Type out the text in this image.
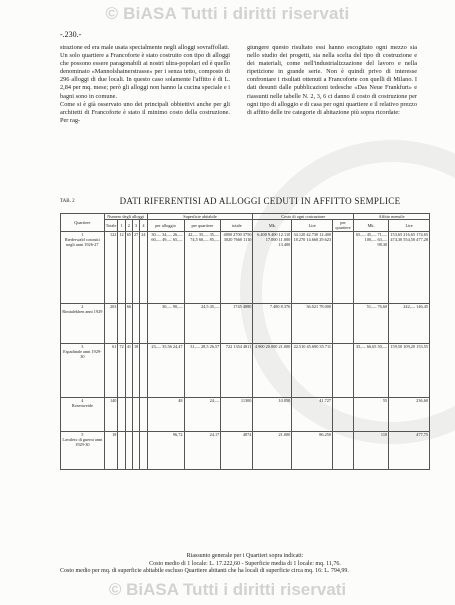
© BiASA Tutti i diritti riservati
-.230.-

strazione ed era male usata specialmente negli alloggi sovraffollati.

Un solo quartiere a Francoforte è stato costruito con tipo di alloggi che possono essere paragonabili ai nostri ultra-popolari ed è quello denominato «Mannolshainerstrasse» per i senza tetto, composto di 296 alloggi di due locali. In questo caso solamente l'affitto è di L. 2,84 per mq. mese; però gli alloggi non hanno la cucina speciale e i bagni sono in comune.

Come si è già osservato uno dei principali obbiettivi anche per gli architetti di Francoforte è stato il minimo costo della costruzione. Per rag-

giungere questo risultato essi hanno escogitato ogni mezzo sia nello studio dei progetti, sia nella scelta del tipo di costruzione e dei materiali, come nell'industrializzazione del lavoro e nella ripetizione in grande serie. Non è quindi privo di interesse confrontare i risultati ottenuti a Francoforte con quelli di Milano. I dati desunti dalle pubblicazioni tedesche «Das Neue Frankfurt» e riassunti nelle tabelle N. 2, 3, 6 ci danno il costo di costruzione per ogni tipo di alloggio e di casa per ogni quartiere e il relativo prezzo di affitto delle tre categorie di abitazione più sopra ricordate:

TAB. 2	DATI RIFERENTISI AD ALLOGGI CEDUTI IN AFFITTO SEMPLICE
Quartiere	Numero degli alloggi					Superficie abitabile			Costo di ogni costruzione			Affitto mensile	
	Totale	1	2	3	4	per alloggio	per quartiere	totale	Mk.	Lire	per quartiere	Mk.	Lire
1
Riederwald costruiti negli anni 1926-27	122	12	65	27	24	30.— 34,— 26,— 60,— 49,— 65,—	42,— 35,— 35,— 74,5 60,— 85,—	4800 2700 3750 3020 7660 1110	6.400 9.400 12.110 17.000 11.000 13.400	34.120 42.730 12.400 18.270 14.660 29.623		65,— 45,— 71,— 100,— 63,— 98,30	153,65 216,65 174,65 474,30 554,50 477,28
2
Rimtalekhen anni 1929	203		66			30,— 90,—	24,5 45,—	1745 4080	7.480 8.376	36.021 78.000		51,— 76,60	242,— 146,45
3
Espadinale anni 1929-30	61	72	41	18		23,— 35,56 24,47	31,— 28,5 26,57	722 1354 4811	4.900 20.000 21.000	22.510 45.690 35.711		35,— 66,65 50,—	159,50 109,20 153,55
4
Rosenweide	140					48	24,—	11300	10.050	41.727		55	236,60
5
Lavaleix di guerra anni 1929-30	18					96,72	24,17	4874	21.000	86.250		110	477,75
Riassunto generale per i Quartieri sopra indicati:
Costo medio di 1 locale: L. 17.222,60 - Superficie media di 1 locale: mq. 11,76.
Costo medio per mq. di superficie abitabile escluso Quartiere abitanti che ha locali di superficie circa mq. 16: L. 794,99.
© BiASA Tutti i diritti riservati
